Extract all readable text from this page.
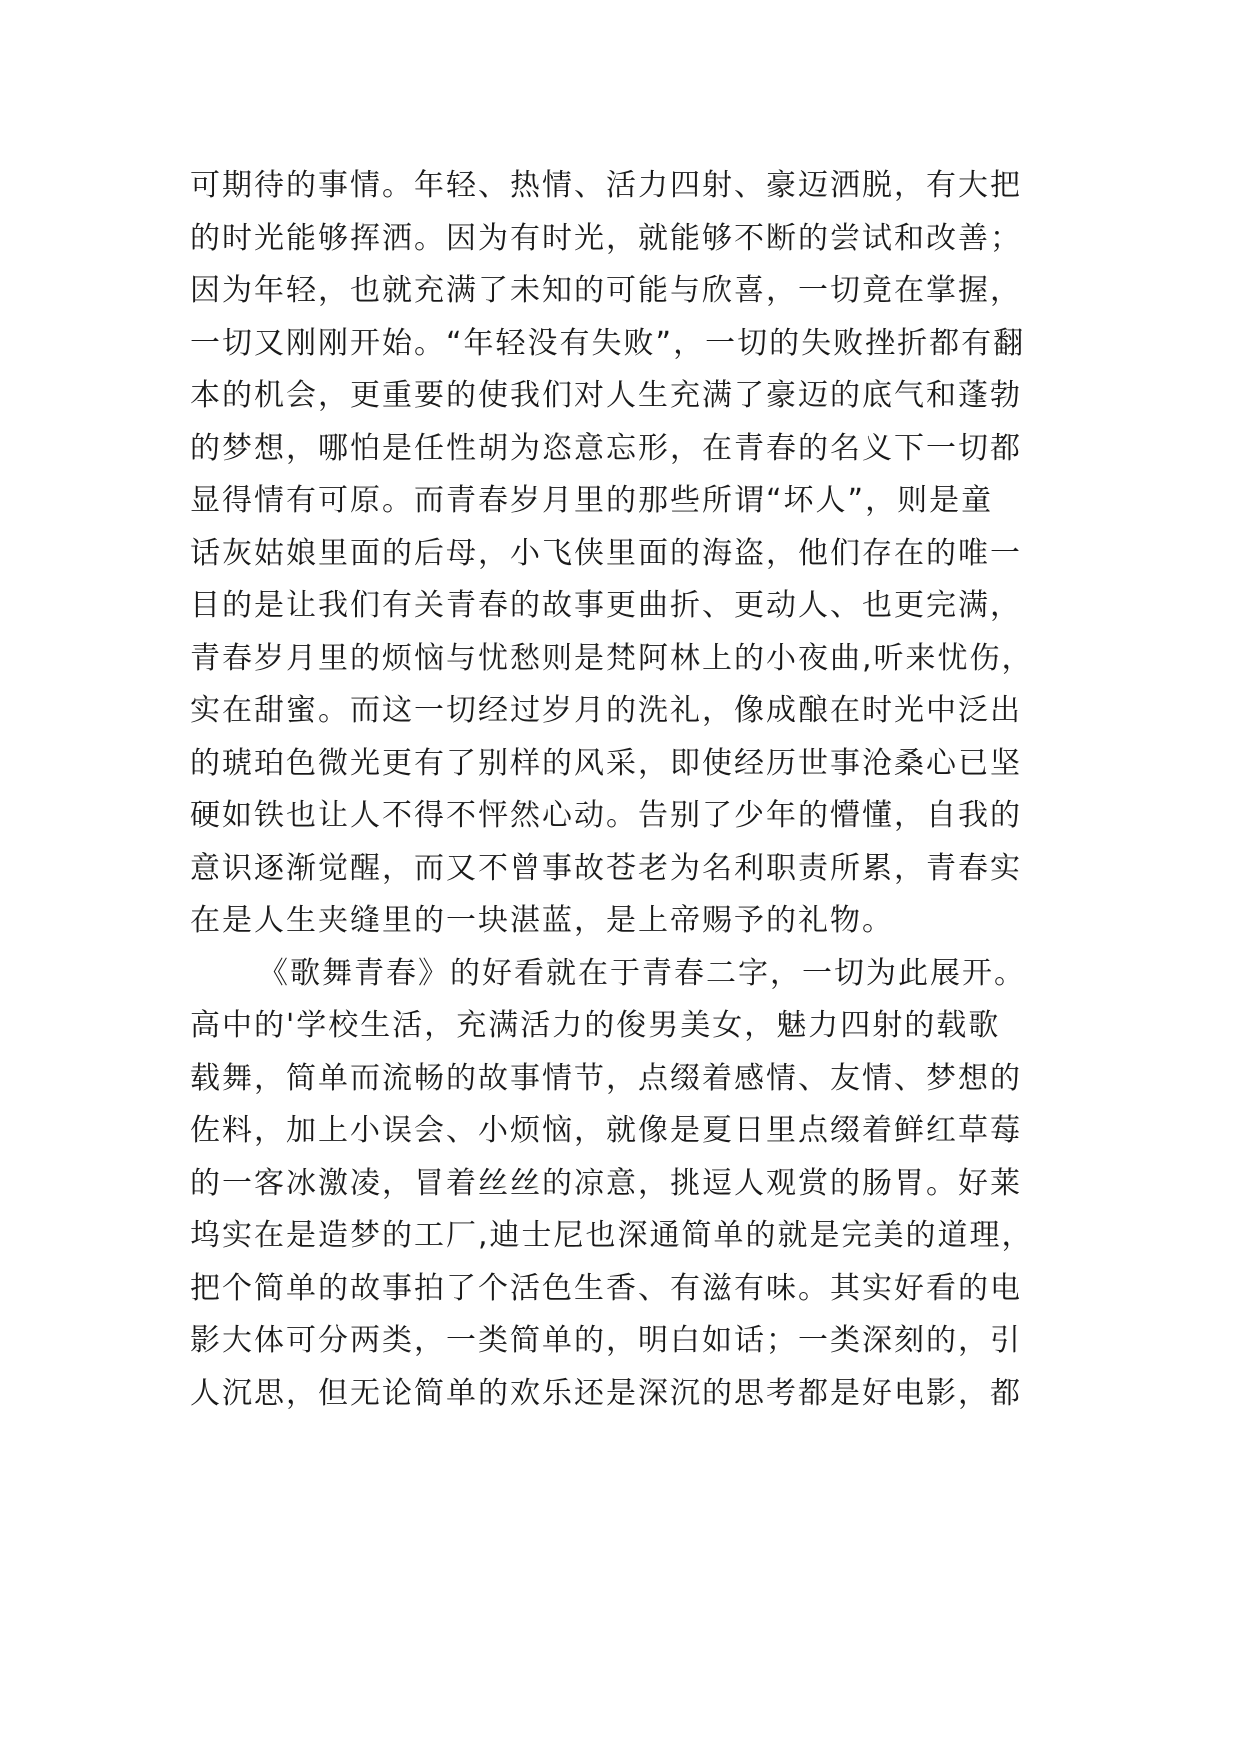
可期待的事情。年轻、热情、活力四射、豪迈洒脱，有大把
的时光能够挥洒。因为有时光，就能够不断的尝试和改善；
因为年轻，也就充满了未知的可能与欣喜，一切竟在掌握，
一切又刚刚开始。“年轻没有失败”，一切的失败挫折都有翻
本的机会，更重要的使我们对人生充满了豪迈的底气和蓬勃
的梦想，哪怕是任性胡为恣意忘形，在青春的名义下一切都
显得情有可原。而青春岁月里的那些所谓“坏人”，则是童
话灰姑娘里面的后母，小飞侠里面的海盗，他们存在的唯一
目的是让我们有关青春的故事更曲折、更动人、也更完满，
青春岁月里的烦恼与忧愁则是梵阿林上的小夜曲,听来忧伤，
实在甜蜜。而这一切经过岁月的洗礼，像成酿在时光中泛出
的琥珀色微光更有了别样的风采，即使经历世事沧桑心已坚
硬如铁也让人不得不怦然心动。告别了少年的懵懂，自我的
意识逐渐觉醒，而又不曾事故苍老为名利职责所累，青春实
在是人生夹缝里的一块湛蓝，是上帝赐予的礼物。
《歌舞青春》的好看就在于青春二字，一切为此展开。
高中的'学校生活，充满活力的俊男美女，魅力四射的载歌
载舞，简单而流畅的故事情节，点缀着感情、友情、梦想的
佐料，加上小误会、小烦恼，就像是夏日里点缀着鲜红草莓
的一客冰激凌，冒着丝丝的凉意，挑逗人观赏的肠胃。好莱
坞实在是造梦的工厂,迪士尼也深通简单的就是完美的道理，
把个简单的故事拍了个活色生香、有滋有味。其实好看的电
影大体可分两类，一类简单的，明白如话；一类深刻的，引
人沉思，但无论简单的欢乐还是深沉的思考都是好电影，都
